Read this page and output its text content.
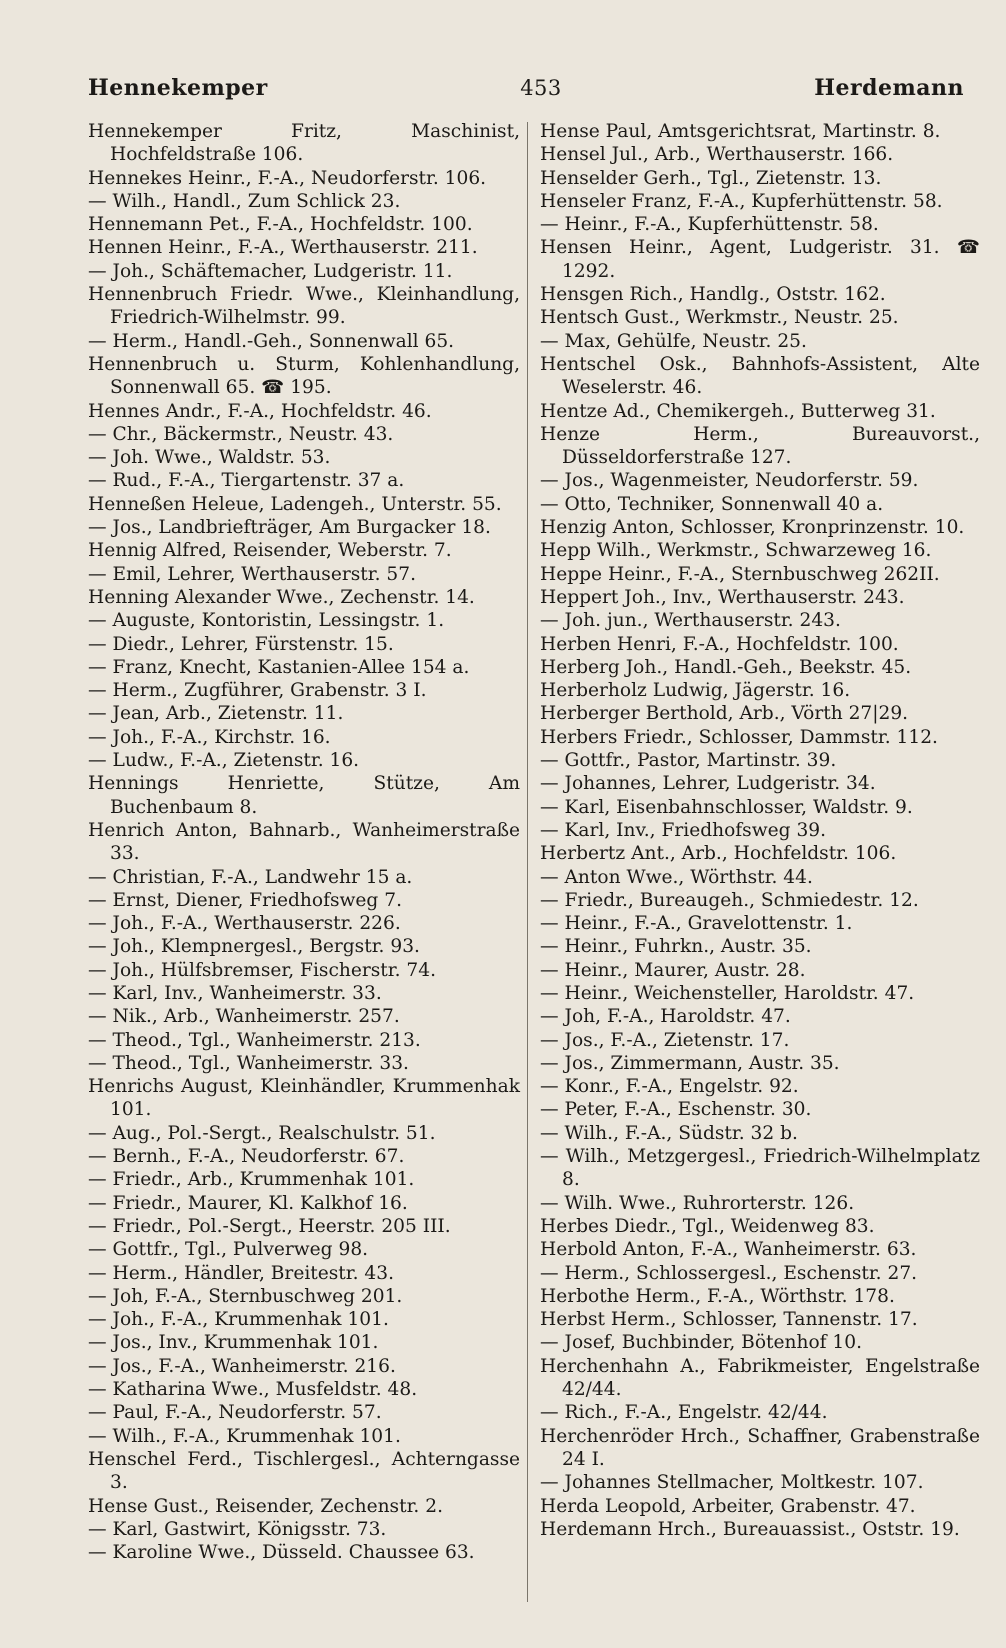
Hennekemper	453	Herdemann
Hennekemper Fritz, Maschinist, Hochfeldstraße 106.
Hennekes Heinr., F.-A., Neudorferstr. 106.
— Wilh., Handl., Zum Schlick 23.
Hennemann Pet., F.-A., Hochfeldstr. 100.
Hennen Heinr., F.-A., Werthauserstr. 211.
— Joh., Schäftemacher, Ludgeristr. 11.
Hennenbruch Friedr. Wwe., Kleinhandlung, Friedrich-Wilhelmstr. 99.
— Herm., Handl.-Geh., Sonnenwall 65.
Hennenbruch u. Sturm, Kohlenhandlung, Sonnenwall 65. ☎ 195.
Hennes Andr., F.-A., Hochfeldstr. 46.
— Chr., Bäckermstr., Neustr. 43.
— Joh. Wwe., Waldstr. 53.
— Rud., F.-A., Tiergartenstr. 37 a.
Henneßen Heleue, Ladengeh., Unterstr. 55.
— Jos., Landbriefträger, Am Burgacker 18.
Hennig Alfred, Reisender, Weberstr. 7.
— Emil, Lehrer, Werthauserstr. 57.
Henning Alexander Wwe., Zechenstr. 14.
— Auguste, Kontoristin, Lessingstr. 1.
— Diedr., Lehrer, Fürstenstr. 15.
— Franz, Knecht, Kastanien-Allee 154 a.
— Herm., Zugführer, Grabenstr. 3 I.
— Jean, Arb., Zietenstr. 11.
— Joh., F.-A., Kirchstr. 16.
— Ludw., F.-A., Zietenstr. 16.
Hennings Henriette, Stütze, Am Buchenbaum 8.
Henrich Anton, Bahnarb., Wanheimerstraße 33.
— Christian, F.-A., Landwehr 15 a.
— Ernst, Diener, Friedhofsweg 7.
— Joh., F.-A., Werthauserstr. 226.
— Joh., Klempnergesl., Bergstr. 93.
— Joh., Hülfsbremser, Fischerstr. 74.
— Karl, Inv., Wanheimerstr. 33.
— Nik., Arb., Wanheimerstr. 257.
— Theod., Tgl., Wanheimerstr. 213.
— Theod., Tgl., Wanheimerstr. 33.
Henrichs August, Kleinhändler, Krummenhak 101.
— Aug., Pol.-Sergt., Realschulstr. 51.
— Bernh., F.-A., Neudorferstr. 67.
— Friedr., Arb., Krummenhak 101.
— Friedr., Maurer, Kl. Kalkhof 16.
— Friedr., Pol.-Sergt., Heerstr. 205 III.
— Gottfr., Tgl., Pulverweg 98.
— Herm., Händler, Breitestr. 43.
— Joh, F.-A., Sternbuschweg 201.
— Joh., F.-A., Krummenhak 101.
— Jos., Inv., Krummenhak 101.
— Jos., F.-A., Wanheimerstr. 216.
— Katharina Wwe., Musfeldstr. 48.
— Paul, F.-A., Neudorferstr. 57.
— Wilh., F.-A., Krummenhak 101.
Henschel Ferd., Tischlergesl., Achterngasse 3.
Hense Gust., Reisender, Zechenstr. 2.
— Karl, Gastwirt, Königsstr. 73.
— Karoline Wwe., Düsseld. Chaussee 63.
Hense Paul, Amtsgerichtsrat, Martinstr. 8.
Hensel Jul., Arb., Werthauserstr. 166.
Henselder Gerh., Tgl., Zietenstr. 13.
Henseler Franz, F.-A., Kupferhüttenstr. 58.
— Heinr., F.-A., Kupferhüttenstr. 58.
Hensen Heinr., Agent, Ludgeristr. 31. ☎ 1292.
Hensgen Rich., Handlg., Oststr. 162.
Hentsch Gust., Werkmstr., Neustr. 25.
— Max, Gehülfe, Neustr. 25.
Hentschel Osk., Bahnhofs-Assistent, Alte Weselerstr. 46.
Hentze Ad., Chemikergeh., Butterweg 31.
Henze Herm., Bureauvorst., Düsseldorferstraße 127.
— Jos., Wagenmeister, Neudorferstr. 59.
— Otto, Techniker, Sonnenwall 40 a.
Henzig Anton, Schlosser, Kronprinzenstr. 10.
Hepp Wilh., Werkmstr., Schwarzeweg 16.
Heppe Heinr., F.-A., Sternbuschweg 262II.
Heppert Joh., Inv., Werthauserstr. 243.
— Joh. jun., Werthauserstr. 243.
Herben Henri, F.-A., Hochfeldstr. 100.
Herberg Joh., Handl.-Geh., Beekstr. 45.
Herberholz Ludwig, Jägerstr. 16.
Herberger Berthold, Arb., Vörth 27|29.
Herbers Friedr., Schlosser, Dammstr. 112.
— Gottfr., Pastor, Martinstr. 39.
— Johannes, Lehrer, Ludgeristr. 34.
— Karl, Eisenbahnschlosser, Waldstr. 9.
— Karl, Inv., Friedhofsweg 39.
Herbertz Ant., Arb., Hochfeldstr. 106.
— Anton Wwe., Wörthstr. 44.
— Friedr., Bureaugeh., Schmiedestr. 12.
— Heinr., F.-A., Gravelottenstr. 1.
— Heinr., Fuhrkn., Austr. 35.
— Heinr., Maurer, Austr. 28.
— Heinr., Weichensteller, Haroldstr. 47.
— Joh, F.-A., Haroldstr. 47.
— Jos., F.-A., Zietenstr. 17.
— Jos., Zimmermann, Austr. 35.
— Konr., F.-A., Engelstr. 92.
— Peter, F.-A., Eschenstr. 30.
— Wilh., F.-A., Südstr. 32 b.
— Wilh., Metzgergesl., Friedrich-Wilhelmplatz 8.
— Wilh. Wwe., Ruhrorterstr. 126.
Herbes Diedr., Tgl., Weidenweg 83.
Herbold Anton, F.-A., Wanheimerstr. 63.
— Herm., Schlossergesl., Eschenstr. 27.
Herbothe Herm., F.-A., Wörthstr. 178.
Herbst Herm., Schlosser, Tannenstr. 17.
— Josef, Buchbinder, Bötenhof 10.
Herchenhahn A., Fabrikmeister, Engelstraße 42/44.
— Rich., F.-A., Engelstr. 42/44.
Herchenröder Hrch., Schaffner, Grabenstraße 24 I.
— Johannes Stellmacher, Moltkestr. 107.
Herda Leopold, Arbeiter, Grabenstr. 47.
Herdemann Hrch., Bureauassist., Oststr. 19.
